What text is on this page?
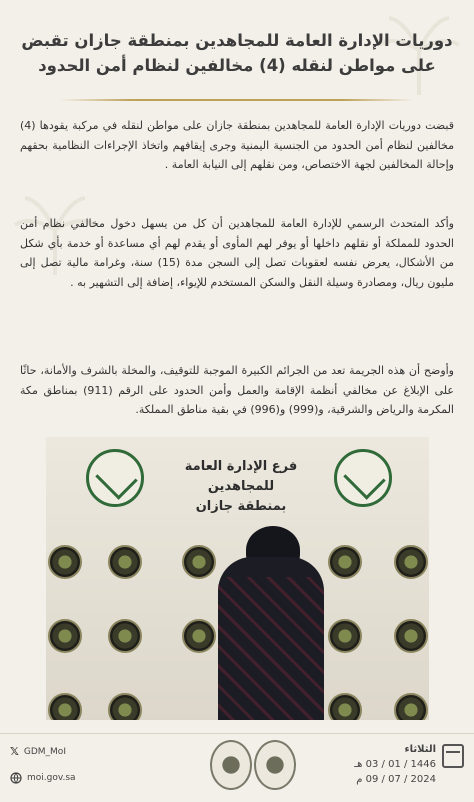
دوريات الإدارة العامة للمجاهدين بمنطقة جازان تقبض على مواطن لنقله (4) مخالفين لنظام أمن الحدود

قبضت دوريات الإدارة العامة للمجاهدين بمنطقة جازان على مواطن لنقله في مركبة يقودها (4) مخالفين لنظام أمن الحدود من الجنسية اليمنية وجرى إيقافهم واتخاذ الإجراءات النظامية بحقهم وإحالة المخالفين لجهة الاختصاص، ومن نقلهم إلى النيابة العامة .

وأكد المتحدث الرسمي للإدارة العامة للمجاهدين أن كل من يسهل دخول مخالفي نظام أمن الحدود للمملكة أو نقلهم داخلها أو يوفر لهم المأوى أو يقدم لهم أي مساعدة أو خدمة بأي شكل من الأشكال، يعرض نفسه لعقوبات تصل إلى السجن مدة (15) سنة، وغرامة مالية تصل إلى مليون ريال، ومصادرة وسيلة النقل والسكن المستخدم للإيواء، إضافة إلى التشهير به .

وأوضح أن هذه الجريمة تعد من الجرائم الكبيرة الموجبة للتوقيف، والمخلة بالشرف والأمانة، حاثًا على الإبلاغ عن مخالفي أنظمة الإقامة والعمل وأمن الحدود على الرقم (911) بمناطق مكة المكرمة والرياض والشرقية، و(999) و(996) في بقية مناطق المملكة.

فرع الإدارة العامة للمجاهدين
بمنطقة جازان
𝕏 GDM_MoI
moi.gov.sa
الثلاثاء
1446 / 01 / 03 هـ
2024 / 07 / 09 م
